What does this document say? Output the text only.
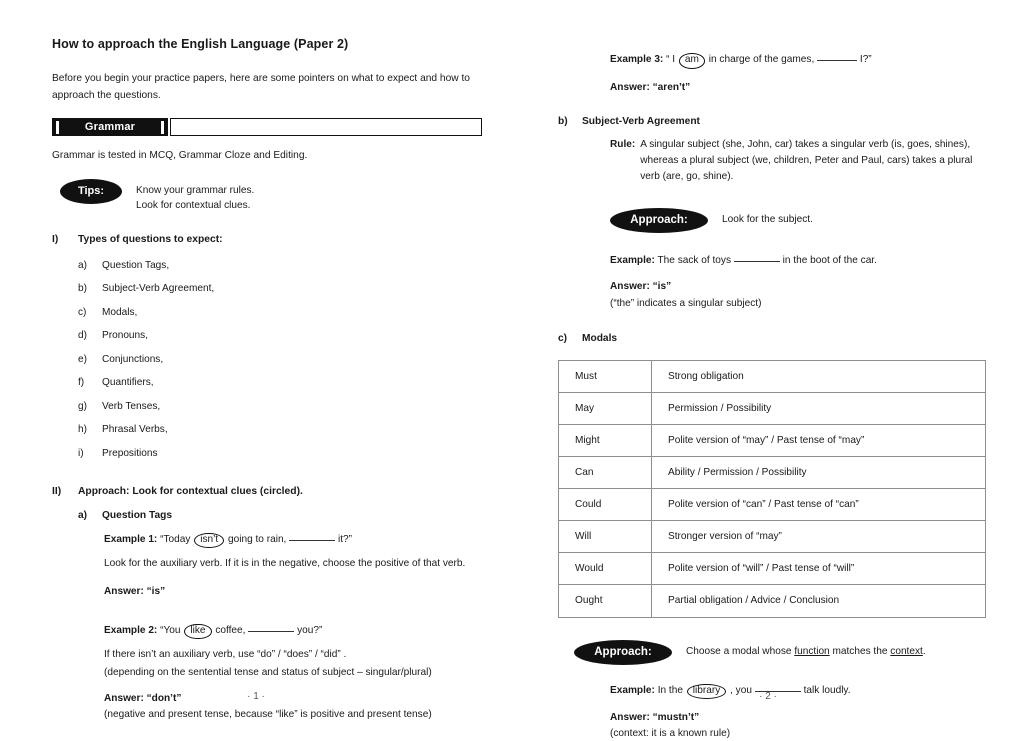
How to approach the English Language (Paper 2)

Before you begin your practice papers, here are some pointers on what to expect and how to approach the questions.

Grammar

Grammar is tested in MCQ, Grammar Cloze and Editing.

Tips:	Know your grammar rules.
Look for contextual clues.
I)	Types of questions to expect:
a)	Question Tags,
b)	Subject-Verb Agreement,
c)	Modals,
d)	Pronouns,
e)	Conjunctions,
f)	Quantifiers,
g)	Verb Tenses,
h)	Phrasal Verbs,
i)	Prepositions
II)	Approach: Look for contextual clues (circled).
a)	Question Tags
Example 1: “Today isn’t going to rain,	it?”
Look for the auxiliary verb. If it is in the negative, choose the positive of that verb.
Answer: “is”
Example 2: “You like coffee,	you?”
If there isn’t an auxiliary verb, use “do” / “does” / “did” .
(depending on the sentential tense and status of subject – singular/plural)
Answer: “don’t”
(negative and present tense, because “like” is positive and present tense)
· 1 ·
Example 3: “ I am in charge of the games,	I?”
Answer: “aren’t”
b)	Subject-Verb Agreement
Rule: A singular subject (she, John, car) takes a singular verb (is, goes, shines), whereas a plural subject (we, children, Peter and Paul, cars) takes a plural verb (are, go, shine).
Approach:	Look for the subject.
Example: The sack of toys	in the boot of the car.
Answer: “is”
(“the” indicates a singular subject)
c)	Modals
Must	Strong obligation
May	Permission / Possibility
Might	Polite version of “may” / Past tense of “may”
Can	Ability / Permission / Possibility
Could	Polite version of “can” / Past tense of “can”
Will	Stronger version of “may”
Would	Polite version of “will” / Past tense of “will”
Ought	Partial obligation / Advice / Conclusion
Approach:	Choose a modal whose function matches the context.
Example: In the library , you	talk loudly.
Answer: “mustn’t”
(context: it is a known rule)
· 2 ·
